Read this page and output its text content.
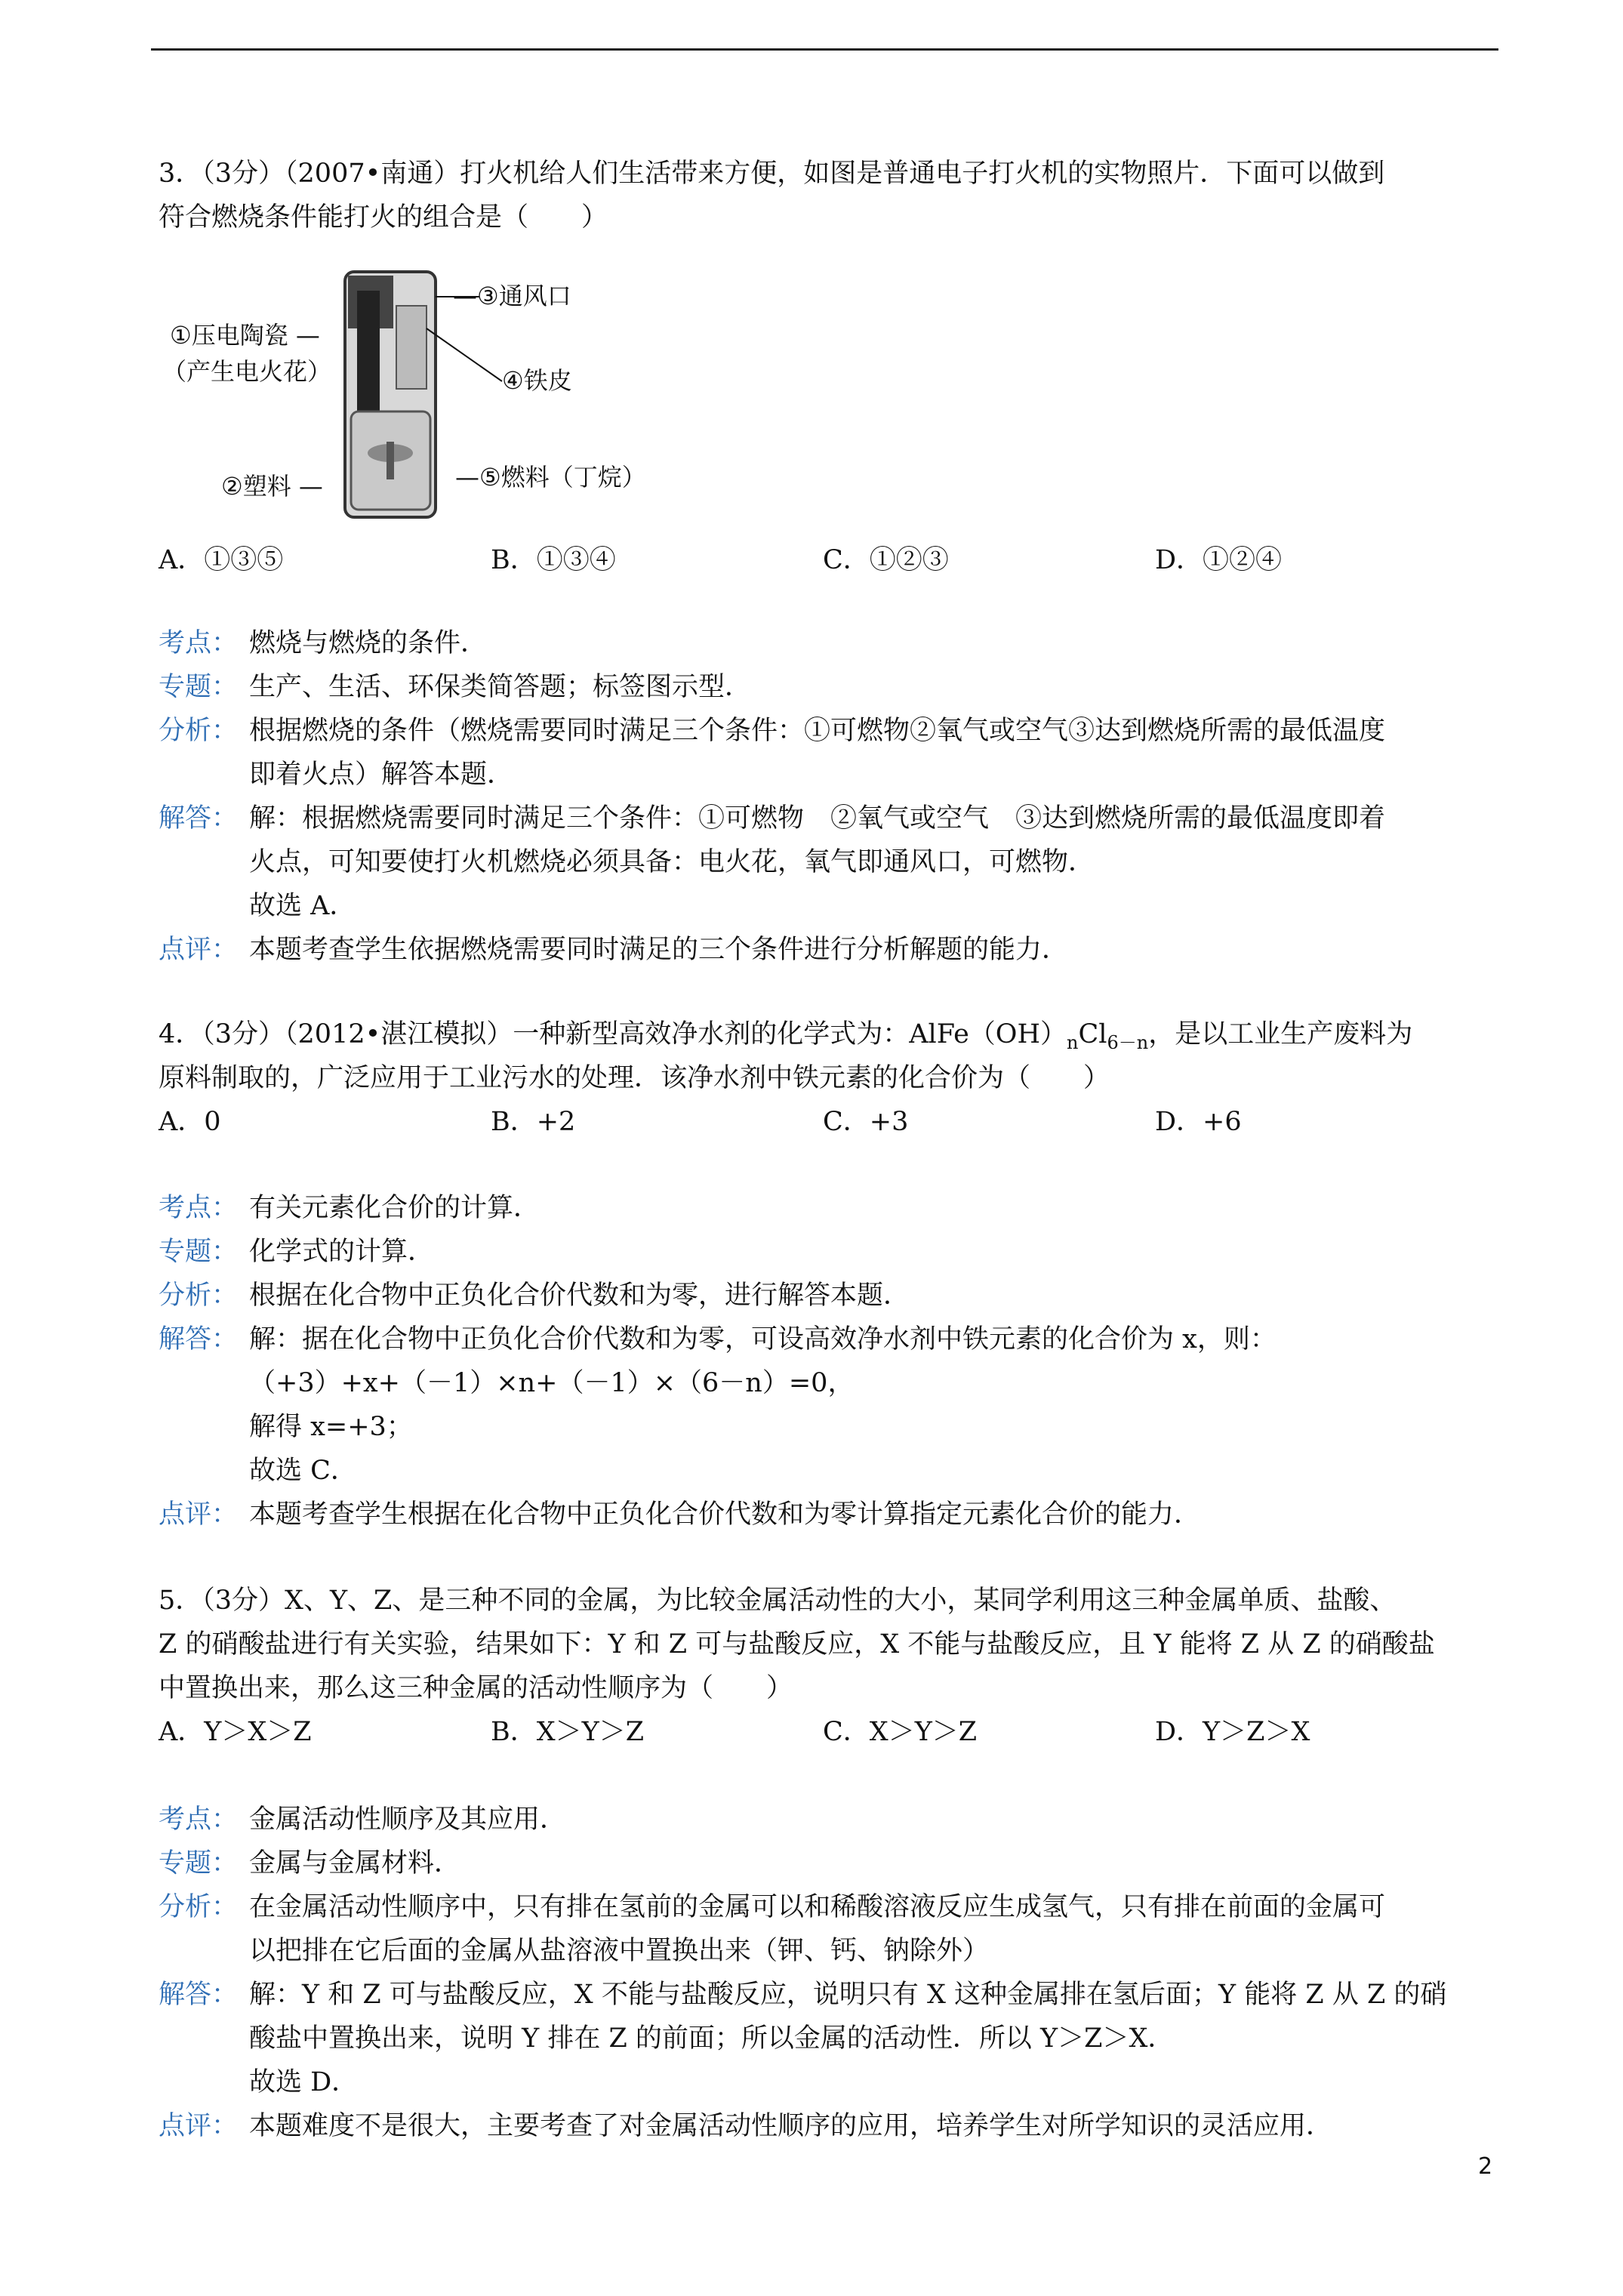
3．（3分）（2007•南通）打火机给人们生活带来方便，如图是普通电子打火机的实物照片．下面可以做到
符合燃烧条件能打火的组合是（　　）
①压电陶瓷 —
（产生电火花）
②塑料 —
—③通风口
④铁皮
—⑤燃料（丁烷）
A．①③⑤	B．①③④	C．①②③	D．①②④
考点： 燃烧与燃烧的条件．
专题： 生产、生活、环保类简答题；标签图示型．
分析： 根据燃烧的条件（燃烧需要同时满足三个条件：①可燃物②氧气或空气③达到燃烧所需的最低温度
即着火点）解答本题．
解答： 解：根据燃烧需要同时满足三个条件：①可燃物　②氧气或空气　③达到燃烧所需的最低温度即着
火点，可知要使打火机燃烧必须具备：电火花，氧气即通风口，可燃物．
故选 A．
点评： 本题考查学生依据燃烧需要同时满足的三个条件进行分析解题的能力．
4．（3分）（2012•湛江模拟）一种新型高效净水剂的化学式为：$AlFe(OH)_nCl_{6-n}$，是以工业生产废料为
原料制取的，广泛应用于工业污水的处理．该净水剂中铁元素的化合价为（　　）
A．0	B．+2	C．+3	D．+6
考点： 有关元素化合价的计算．
专题： 化学式的计算．
分析： 根据在化合物中正负化合价代数和为零，进行解答本题．
解答： 解：据在化合物中正负化合价代数和为零，可设高效净水剂中铁元素的化合价为 x，则：
（+3）+x+（－1）×n+（－1）×（6－n）=0，
解得 x=+3；
故选 C．
点评： 本题考查学生根据在化合物中正负化合价代数和为零计算指定元素化合价的能力．
5．（3分）X、Y、Z、是三种不同的金属，为比较金属活动性的大小，某同学利用这三种金属单质、盐酸、
Z 的硝酸盐进行有关实验，结果如下：Y 和 Z 可与盐酸反应，X 不能与盐酸反应，且 Y 能将 Z 从 Z 的硝酸盐
中置换出来，那么这三种金属的活动性顺序为（　　）
A．Y＞X＞Z	B．X＞Y＞Z	C．X＞Y＞Z	D．Y＞Z＞X
考点： 金属活动性顺序及其应用．
专题： 金属与金属材料．
分析： 在金属活动性顺序中，只有排在氢前的金属可以和稀酸溶液反应生成氢气，只有排在前面的金属可
以把排在它后面的金属从盐溶液中置换出来（钾、钙、钠除外）
解答： 解：Y 和 Z 可与盐酸反应，X 不能与盐酸反应，说明只有 X 这种金属排在氢后面；Y 能将 Z 从 Z 的硝
酸盐中置换出来，说明 Y 排在 Z 的前面；所以金属的活动性．所以 Y＞Z＞X．
故选 D．
点评： 本题难度不是很大，主要考查了对金属活动性顺序的应用，培养学生对所学知识的灵活应用．
2
